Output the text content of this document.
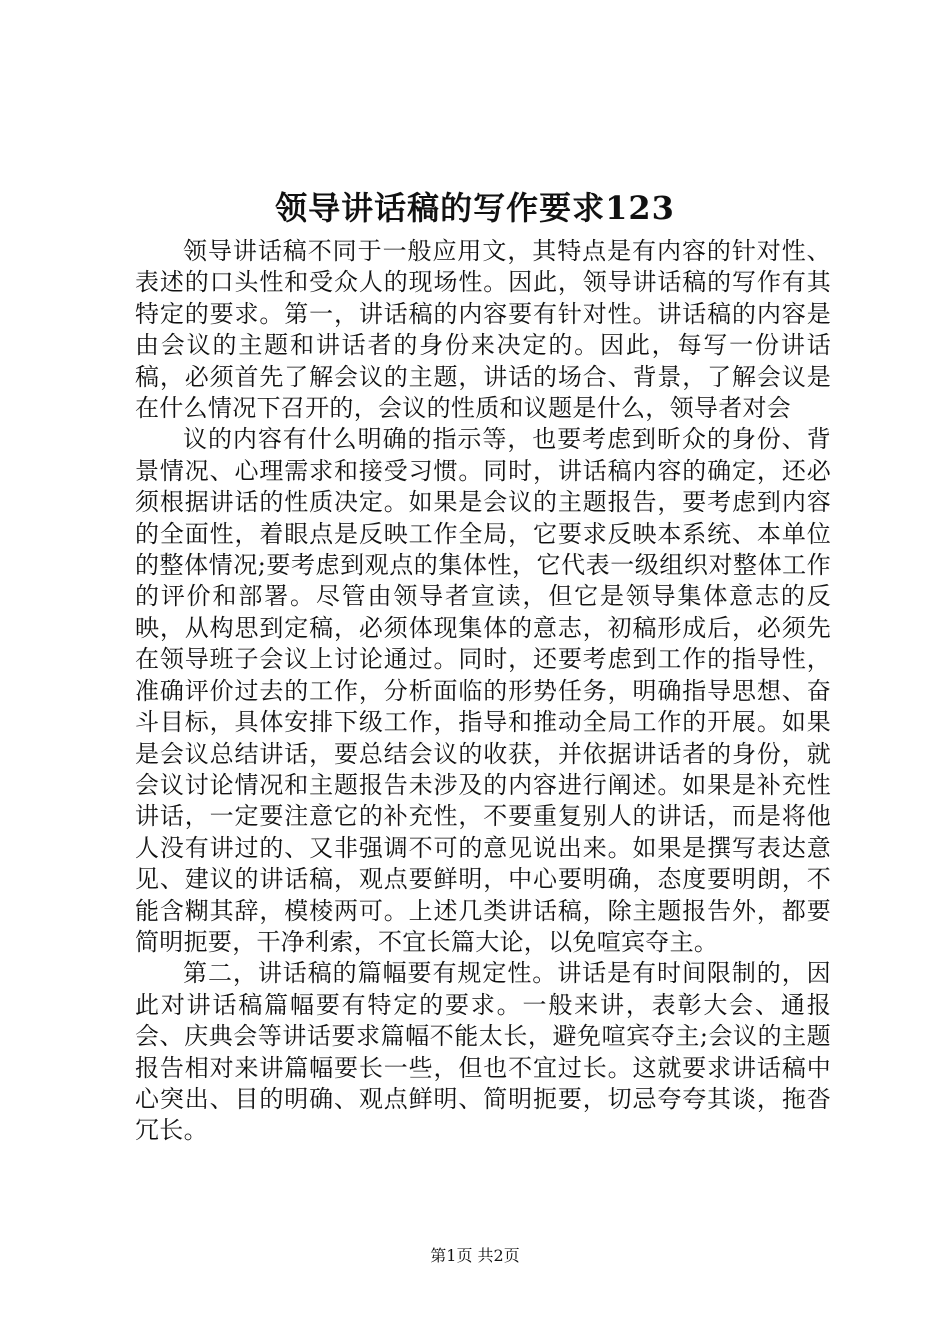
领导讲话稿的写作要求123

领导讲话稿不同于一般应用文，其特点是有内容的针对性、表述的口头性和受众人的现场性。因此，领导讲话稿的写作有其特定的要求。第一，讲话稿的内容要有针对性。讲话稿的内容是由会议的主题和讲话者的身份来决定的。因此，每写一份讲话稿，必须首先了解会议的主题，讲话的场合、背景，了解会议是在什么情况下召开的，会议的性质和议题是什么，领导者对会

议的内容有什么明确的指示等，也要考虑到昕众的身份、背景情况、心理需求和接受习惯。同时，讲话稿内容的确定，还必须根据讲话的性质决定。如果是会议的主题报告，要考虑到内容的全面性，着眼点是反映工作全局，它要求反映本系统、本单位的整体情况;要考虑到观点的集体性，它代表一级组织对整体工作的评价和部署。尽管由领导者宣读，但它是领导集体意志的反映，从构思到定稿，必须体现集体的意志，初稿形成后，必须先在领导班子会议上讨论通过。同时，还要考虑到工作的指导性，准确评价过去的工作，分析面临的形势任务，明确指导思想、奋斗目标，具体安排下级工作，指导和推动全局工作的开展。如果是会议总结讲话，要总结会议的收获，并依据讲话者的身份，就会议讨论情况和主题报告未涉及的内容进行阐述。如果是补充性讲话，一定要注意它的补充性，不要重复别人的讲话，而是将他人没有讲过的、又非强调不可的意见说出来。如果是撰写表达意见、建议的讲话稿，观点要鲜明，中心要明确，态度要明朗，不能含糊其辞，模棱两可。上述几类讲话稿，除主题报告外，都要简明扼要，干净利索，不宜长篇大论，以免喧宾夺主。

第二，讲话稿的篇幅要有规定性。讲话是有时间限制的，因此对讲话稿篇幅要有特定的要求。一般来讲，表彰大会、通报会、庆典会等讲话要求篇幅不能太长，避免喧宾夺主;会议的主题报告相对来讲篇幅要长一些，但也不宜过长。这就要求讲话稿中心突出、目的明确、观点鲜明、简明扼要，切忌夸夸其谈，拖沓冗长。

第1页 共2页
